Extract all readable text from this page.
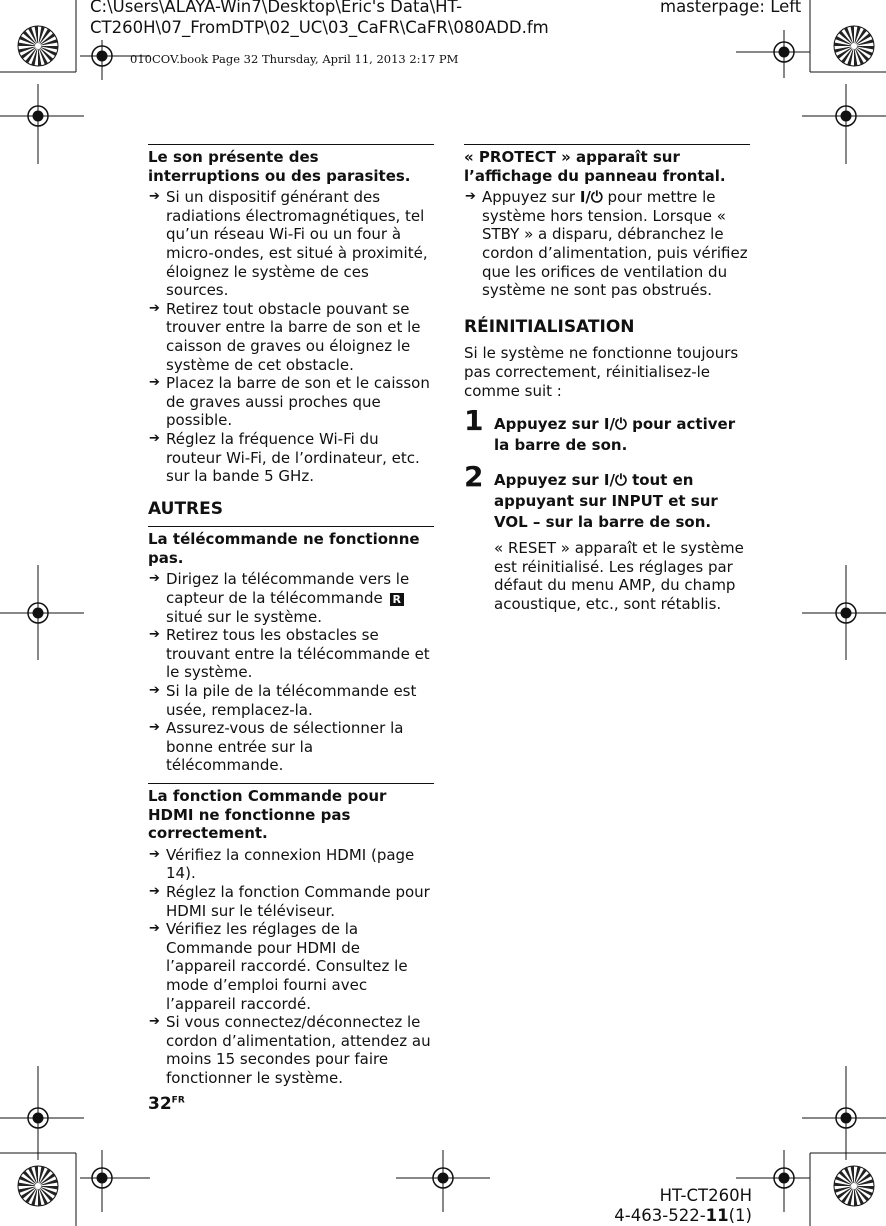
C:\Users\ALAYA-Win7\Desktop\Eric's Data\HT-CT260H\07_FromDTP\02_UC\03_CaFR\CaFR\080ADD.fm
masterpage: Left
010COV.book Page 32 Thursday, April 11, 2013 2:17 PM
Le son présente des interruptions ou des parasites.
➔ Si un dispositif générant des radiations électromagnétiques, tel qu’un réseau Wi-Fi ou un four à micro-ondes, est situé à proximité, éloignez le système de ces sources.
➔ Retirez tout obstacle pouvant se trouver entre la barre de son et le caisson de graves ou éloignez le système de cet obstacle.
➔ Placez la barre de son et le caisson de graves aussi proches que possible.
➔ Réglez la fréquence Wi-Fi du routeur Wi-Fi, de l’ordinateur, etc. sur la bande 5 GHz.
AUTRES
La télécommande ne fonctionne pas.
➔ Dirigez la télécommande vers le capteur de la télécommande R situé sur le système.
➔ Retirez tous les obstacles se trouvant entre la télécommande et le système.
➔ Si la pile de la télécommande est usée, remplacez-la.
➔ Assurez-vous de sélectionner la bonne entrée sur la télécommande.
La fonction Commande pour HDMI ne fonctionne pas correctement.
➔ Vérifiez la connexion HDMI (page 14).
➔ Réglez la fonction Commande pour HDMI sur le téléviseur.
➔ Vérifiez les réglages de la Commande pour HDMI de l’appareil raccordé. Consultez le mode d’emploi fourni avec l’appareil raccordé.
➔ Si vous connectez/déconnectez le cordon d’alimentation, attendez au moins 15 secondes pour faire fonctionner le système.
« PROTECT » apparaît sur l’affichage du panneau frontal.
➔ Appuyez sur I/⏻ pour mettre le système hors tension. Lorsque « STBY » a disparu, débranchez le cordon d’alimentation, puis vérifiez que les orifices de ventilation du système ne sont pas obstrués.
RÉINITIALISATION

Si le système ne fonctionne toujours pas correctement, réinitialisez-le comme suit :

1 Appuyez sur I/⏻ pour activer la barre de son.
2 Appuyez sur I/⏻ tout en appuyant sur INPUT et sur VOL – sur la barre de son.
« RESET » apparaît et le système est réinitialisé. Les réglages par défaut du menu AMP, du champ acoustique, etc., sont rétablis.
$32^{FR}$
HT-CT260H
4-463-522-11(1)
